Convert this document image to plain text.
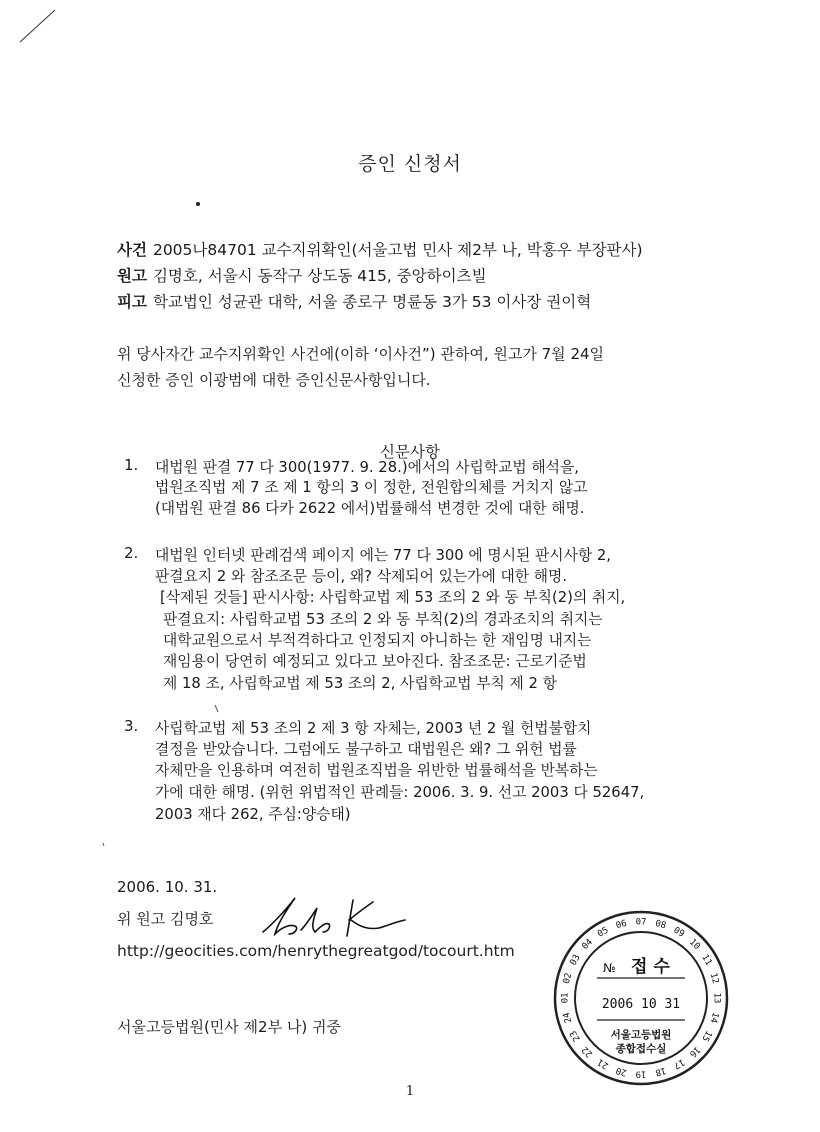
증인 신청서
사건 2005나84701 교수지위확인(서울고법 민사 제2부 나, 박홍우 부장판사)
원고 김명호, 서울시 동작구 상도동 415, 중앙하이츠빌
피고 학교법인 성균관 대학, 서울 종로구 명륜동 3가 53 이사장 권이혁
위 당사자간 교수지위확인 사건에(이하 ‘이사건”) 관하여, 원고가 7월 24일
신청한 증인 이광범에 대한 증인신문사항입니다.
신문사항
1. 대법원 판결 77 다 300(1977. 9. 28.)에서의 사립학교법 해석을,
법원조직법 제 7 조 제 1 항의 3 이 정한, 전원합의체를 거치지 않고
(대법원 판결 86 다카 2622 에서)법률해석 변경한 것에 대한 해명.
2. 대법원 인터넷 판례검색 페이지 에는 77 다 300 에 명시된 판시사항 2,
판결요지 2 와 참조조문 등이, 왜? 삭제되어 있는가에 대한 해명.
[삭제된 것들] 판시사항: 사립학교법 제 53 조의 2 와 동 부칙(2)의 취지,
판결요지: 사립학교법 53 조의 2 와 동 부칙(2)의 경과조치의 취지는
대학교원으로서 부적격하다고 인정되지 아니하는 한 재임명 내지는
재임용이 당연히 예정되고 있다고 보아진다. 참조조문: 근로기준법
제 18 조, 사립학교법 제 53 조의 2, 사립학교법 부칙 제 2 항
3. 사립학교법 제 53 조의 2 제 3 항 자체는, 2003 년 2 월 헌법불합치
결정을 받았습니다. 그럼에도 불구하고 대법원은 왜? 그 위헌 법률
자체만을 인용하며 여전히 법원조직법을 위반한 법률해석을 반복하는
가에 대한 해명. (위헌 위법적인 판례들: 2006. 3. 9. 선고 2003 다 52647,
2003 재다 262, 주심:양승태)
2006. 10. 31.
위 원고 김명호
http://geocities.com/henrythegreatgod/tocourt.htm
서울고등법원(민사 제2부 나) 귀중
01
02
03
04
05
06 07 08
09
10
11
12
13
14
15
16
17
18
19
20
21
22
23
24
№ 접 수
2006 10 31
서울고등법원
종합접수실
1
